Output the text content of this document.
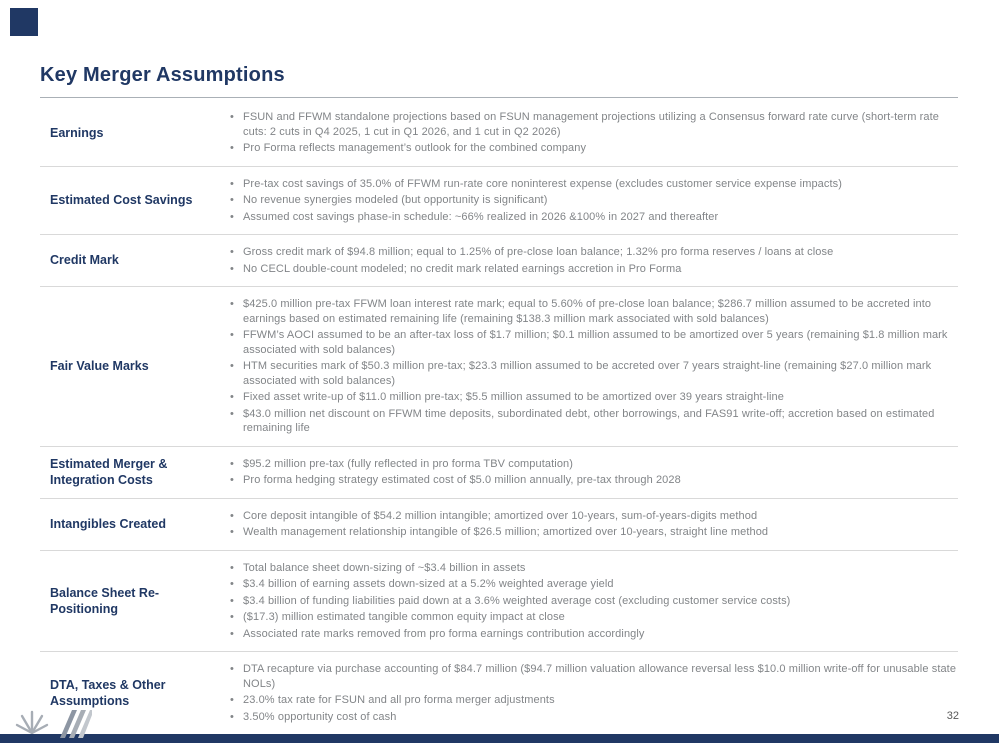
Key Merger Assumptions
Earnings
• FSUN and FFWM standalone projections based on FSUN management projections utilizing a Consensus forward rate curve (short-term rate cuts: 2 cuts in Q4 2025, 1 cut in Q1 2026, and 1 cut in Q2 2026)
• Pro Forma reflects management’s outlook for the combined company
Estimated Cost Savings
• Pre-tax cost savings of 35.0% of FFWM run-rate core noninterest expense (excludes customer service expense impacts)
• No revenue synergies modeled (but opportunity is significant)
• Assumed cost savings phase-in schedule: ~66% realized in 2026 &100% in 2027 and thereafter
Credit Mark
• Gross credit mark of $94.8 million; equal to 1.25% of pre-close loan balance; 1.32% pro forma reserves / loans at close
• No CECL double-count modeled; no credit mark related earnings accretion in Pro Forma
Fair Value Marks
• $425.0 million pre-tax FFWM loan interest rate mark; equal to 5.60% of pre-close loan balance; $286.7 million assumed to be accreted into earnings based on estimated remaining life (remaining $138.3 million mark associated with sold balances)
• FFWM’s AOCI assumed to be an after-tax loss of $1.7 million; $0.1 million assumed to be amortized over 5 years (remaining $1.8 million mark associated with sold balances)
• HTM securities mark of $50.3 million pre-tax; $23.3 million assumed to be accreted over 7 years straight-line (remaining $27.0 million mark associated with sold balances)
• Fixed asset write-up of $11.0 million pre-tax; $5.5 million assumed to be amortized over 39 years straight-line
• $43.0 million net discount on FFWM time deposits, subordinated debt, other borrowings, and FAS91 write-off; accretion based on estimated remaining life
Estimated Merger & Integration Costs
• $95.2 million pre-tax (fully reflected in pro forma TBV computation)
• Pro forma hedging strategy estimated cost of $5.0 million annually, pre-tax through 2028
Intangibles Created
• Core deposit intangible of $54.2 million intangible; amortized over 10-years, sum-of-years-digits method
• Wealth management relationship intangible of $26.5 million; amortized over 10-years, straight line method
Balance Sheet Re-Positioning
• Total balance sheet down-sizing of ~$3.4 billion in assets
• $3.4 billion of earning assets down-sized at a 5.2% weighted average yield
• $3.4 billion of funding liabilities paid down at a 3.6% weighted average cost (excluding customer service costs)
• ($17.3) million estimated tangible common equity impact at close
• Associated rate marks removed from pro forma earnings contribution accordingly
DTA, Taxes & Other Assumptions
• DTA recapture via purchase accounting of $84.7 million ($94.7 million valuation allowance reversal less $10.0 million write-off for unusable state NOLs)
• 23.0% tax rate for FSUN and all pro forma merger adjustments
• 3.50% opportunity cost of cash	32
